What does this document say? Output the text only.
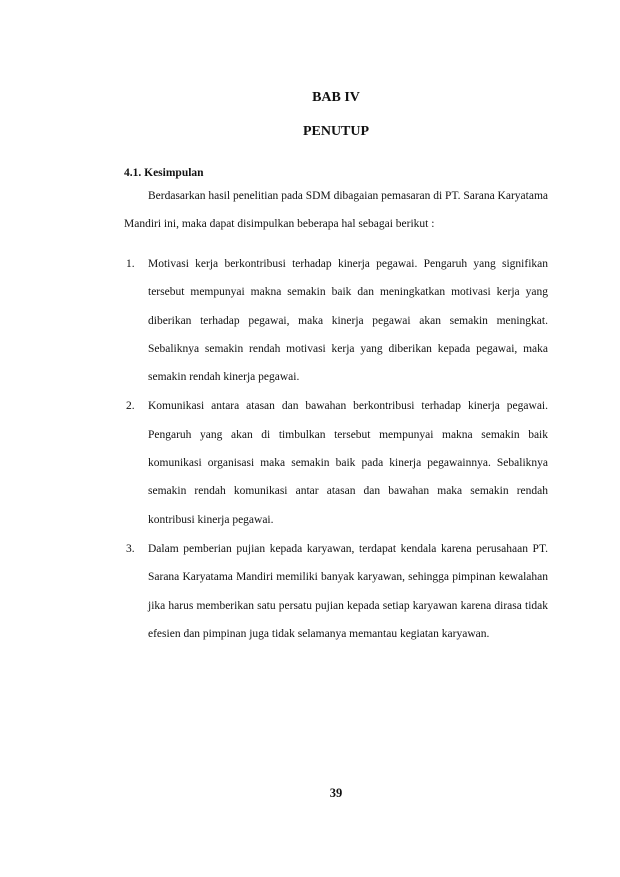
BAB IV
PENUTUP
4.1. Kesimpulan

Berdasarkan hasil penelitian pada SDM dibagaian pemasaran di PT. Sarana Karyatama Mandiri ini, maka dapat disimpulkan beberapa hal sebagai berikut :

1. Motivasi kerja berkontribusi terhadap kinerja pegawai. Pengaruh yang signifikan tersebut mempunyai makna semakin baik dan meningkatkan motivasi kerja yang diberikan terhadap pegawai, maka kinerja pegawai akan semakin meningkat. Sebaliknya semakin rendah motivasi kerja yang diberikan kepada pegawai, maka semakin rendah kinerja pegawai.
2. Komunikasi antara atasan dan bawahan berkontribusi terhadap kinerja pegawai. Pengaruh yang akan di timbulkan tersebut mempunyai makna semakin baik komunikasi organisasi maka semakin baik pada kinerja pegawainnya. Sebaliknya semakin rendah komunikasi antar atasan dan bawahan maka semakin rendah kontribusi kinerja pegawai.
3. Dalam pemberian pujian kepada karyawan, terdapat kendala karena perusahaan PT. Sarana Karyatama Mandiri memiliki banyak karyawan, sehingga pimpinan kewalahan jika harus memberikan satu persatu pujian kepada setiap karyawan karena dirasa tidak efesien dan pimpinan juga tidak selamanya memantau kegiatan karyawan.
39
